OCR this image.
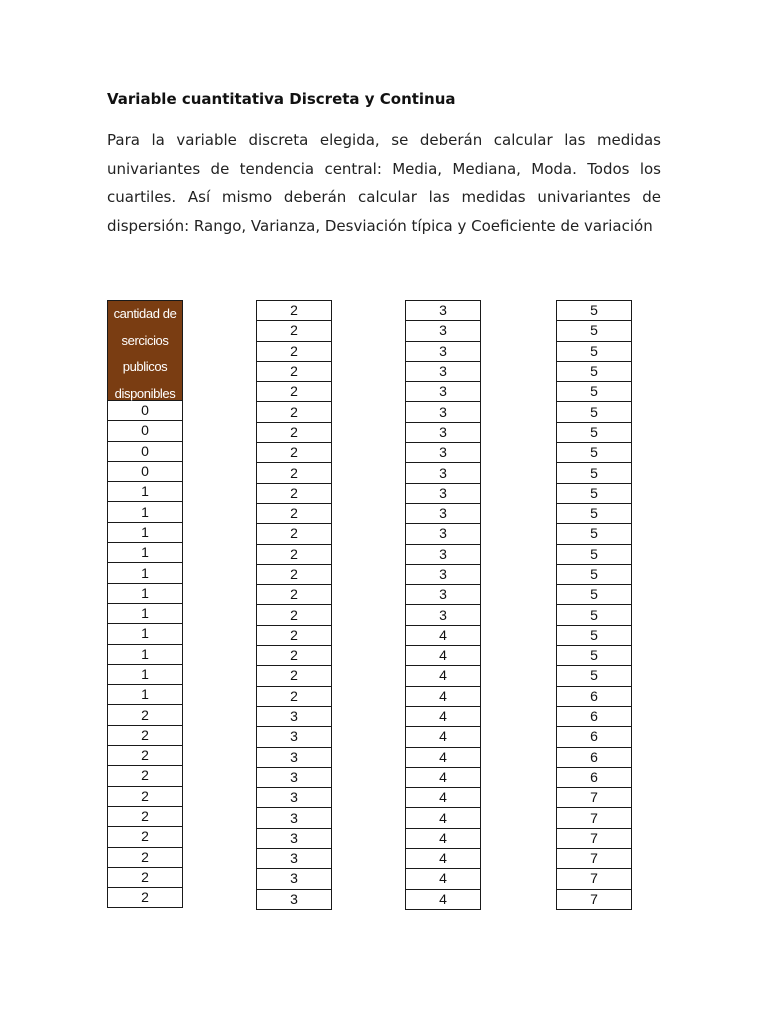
Variable cuantitativa Discreta y Continua

Para la variable discreta elegida, se deberán calcular las medidas univariantes de tendencia central: Media, Mediana, Moda. Todos los cuartiles. Así mismo deberán calcular las medidas univariantes de dispersión: Rango, Varianza, Desviación típica y Coeficiente de variación

cantidad de
sercicios
publicos
disponibles
0
0
0
0
1
1
1
1
1
1
1
1
1
1
1
2
2
2
2
2
2
2
2
2
2
2
2
2
2
2
2
2
2
2
2
2
2
2
2
2
2
2
2
2
2
3
3
3
3
3
3
3
3
3
3
3
3
3
3
3
3
3
3
3
3
3
3
3
3
3
3
4
4
4
4
4
4
4
4
4
4
4
4
4
4
5
5
5
5
5
5
5
5
5
5
5
5
5
5
5
5
5
5
5
6
6
6
6
6
7
7
7
7
7
7
